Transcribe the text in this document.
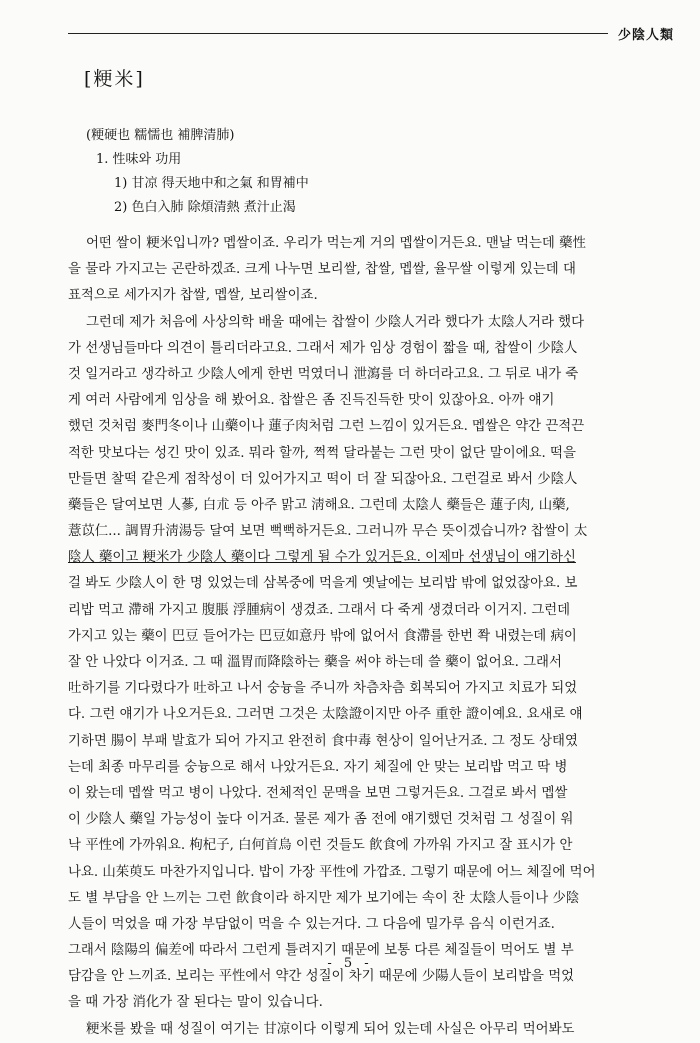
少陰人類
[粳米]
(粳硬也 糯懦也 補脾清肺)
1. 性味와 功用
1) 甘凉 得天地中和之氣 和胃補中
2) 色白入肺 除煩清熱 煮汁止渴
어떤 쌀이 粳米입니까? 멥쌀이죠. 우리가 먹는게 거의 멥쌀이거든요. 맨날 먹는데 藥性
을 물라 가지고는 곤란하겠죠. 크게 나누면 보리쌀, 찹쌀, 멥쌀, 율무쌀 이렇게 있는데 대
표적으로 세가지가 찹쌀, 멥쌀, 보리쌀이죠.
그런데 제가 처음에 사상의학 배울 때에는 찹쌀이 少陰人거라 했다가 太陰人거라 했다
가 선생님들마다 의견이 틀리더라고요. 그래서 제가 임상 경험이 짧을 때, 찹쌀이 少陰人
것 일거라고 생각하고 少陰人에게 한번 먹였더니 泄瀉를 더 하더라고요. 그 뒤로 내가 죽
게 여러 사람에게 임상을 해 봤어요. 찹쌀은 좀 진득진득한 맛이 있잖아요. 아까 얘기
했던 것처럼 麥門冬이나 山藥이나 蓮子肉처럼 그런 느낌이 있거든요. 멥쌀은 약간 끈적끈
적한 맛보다는 성긴 맛이 있죠. 뭐라 할까, 쩍쩍 달라붙는 그런 맛이 없단 말이에요. 떡을
만들면 찰떡 같은게 점착성이 더 있어가지고 떡이 더 잘 되잖아요. 그런걸로 봐서 少陰人
藥들은 달여보면 人蔘, 白朮 등 아주 맑고 淸해요. 그런데 太陰人 藥들은 蓮子肉, 山藥,
薏苡仁... 調胃升淸湯등 달여 보면 뻑뻑하거든요. 그러니까 무슨 뜻이겠습니까? 찹쌀이 太
陰人 藥이고 粳米가 少陰人 藥이다 그렇게 될 수가 있거든요. 이제마 선생님이 얘기하신
걸 봐도 少陰人이 한 명 있었는데 삼복중에 먹을게 옛날에는 보리밥 밖에 없었잖아요. 보
리밥 먹고 滯해 가지고 腹脹 浮腫病이 생겼죠. 그래서 다 죽게 생겼더라 이거지. 그런데
가지고 있는 藥이 巴豆 들어가는 巴豆如意丹 밖에 없어서 食滯를 한번 쫙 내렸는데 病이
잘 안 나았다 이거죠. 그 때 溫胃而降陰하는 藥을 써야 하는데 쓸 藥이 없어요. 그래서
吐하기를 기다렸다가 吐하고 나서 숭늉을 주니까 차츰차츰 회복되어 가지고 치료가 되었
다. 그런 얘기가 나오거든요. 그러면 그것은 太陰證이지만 아주 重한 證이예요. 요새로 얘
기하면 腸이 부패 발효가 되어 가지고 완전히 食中毒 현상이 일어난거죠. 그 정도 상태였
는데 최종 마무리를 숭늉으로 해서 나았거든요. 자기 체질에 안 맞는 보리밥 먹고 딱 병
이 왔는데 멥쌀 먹고 병이 나았다. 전체적인 문맥을 보면 그렇거든요. 그걸로 봐서 멥쌀
이 少陰人 藥일 가능성이 높다 이거죠. 물론 제가 좀 전에 얘기했던 것처럼 그 성질이 워
낙 平性에 가까워요. 枸杞子, 白何首烏 이런 것들도 飮食에 가까워 가지고 잘 표시가 안
나요. 山茱萸도 마찬가지입니다. 밥이 가장 平性에 가깝죠. 그렇기 때문에 어느 체질에 먹어
도 별 부담을 안 느끼는 그런 飮食이라 하지만 제가 보기에는 속이 찬 太陰人들이나 少陰
人들이 먹었을 때 가장 부담없이 먹을 수 있는거다. 그 다음에 밀가루 음식 이런거죠.
그래서 陰陽의 偏差에 따라서 그런게 틀려지기 때문에 보통 다른 체질들이 먹어도 별 부
담감을 안 느끼죠. 보리는 平性에서 약간 성질이 차기 때문에 少陽人들이 보리밥을 먹었
을 때 가장 消化가 잘 된다는 말이 있습니다.
粳米를 봤을 때 성질이 여기는 甘凉이다 이렇게 되어 있는데 사실은 아무리 먹어봐도
- 5 -
